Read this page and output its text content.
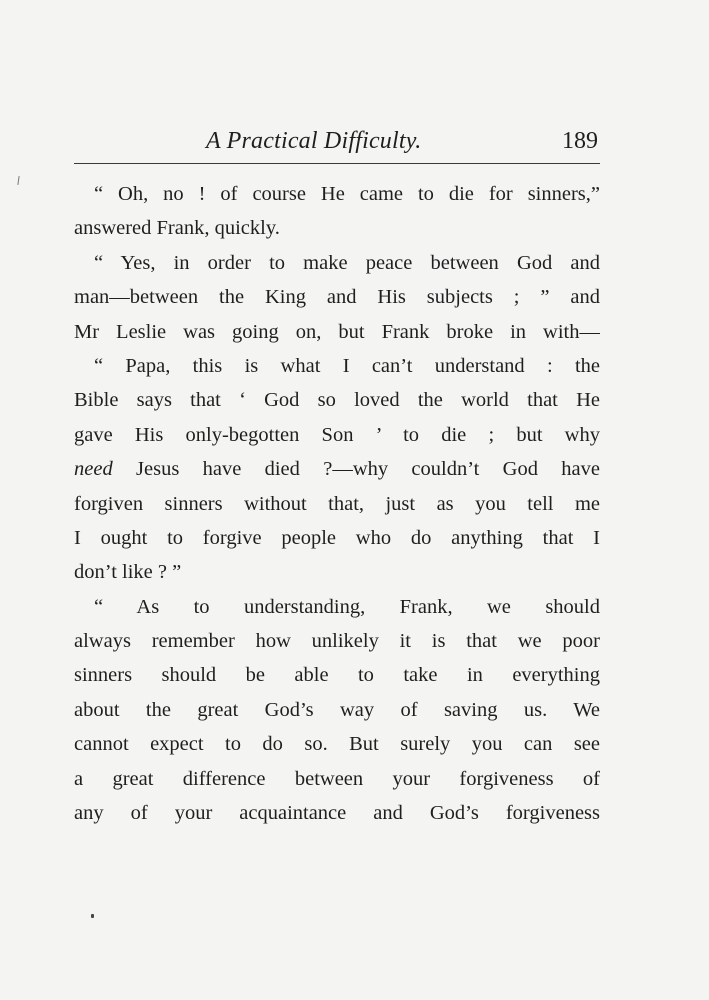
A Practical Difficulty.	189
“ Oh, no ! of course He came to die for sinners,”
answered Frank, quickly.
“ Yes, in order to make peace between God and
man—between the King and His subjects ; ” and
Mr Leslie was going on, but Frank broke in with—
“ Papa, this is what I can’t understand : the
Bible says that ‘ God so loved the world that He
gave His only-begotten Son ’ to die ; but why
need Jesus have died ?—why couldn’t God have
forgiven sinners without that, just as you tell me
I ought to forgive people who do anything that I
don’t like ? ”
“ As to understanding, Frank, we should
always remember how unlikely it is that we poor
sinners should be able to take in everything
about the great God’s way of saving us. We
cannot expect to do so. But surely you can see
a great difference between your forgiveness of
any of your acquaintance and God’s forgiveness
